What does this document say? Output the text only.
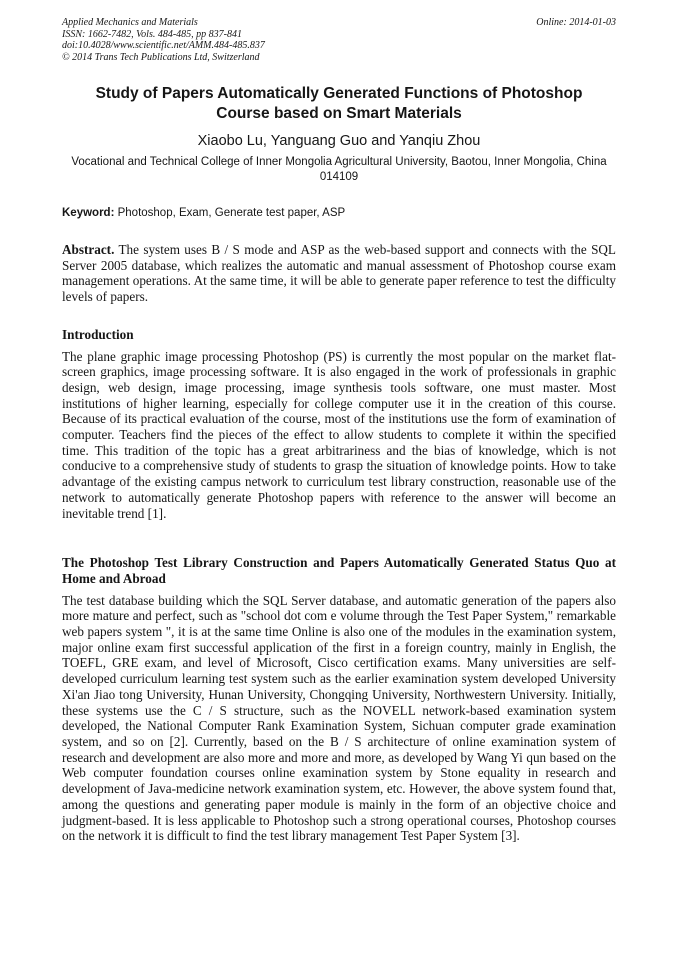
Applied Mechanics and Materials
ISSN: 1662-7482, Vols. 484-485, pp 837-841
doi:10.4028/www.scientific.net/AMM.484-485.837
© 2014 Trans Tech Publications Ltd, Switzerland
Online: 2014-01-03
Study of Papers Automatically Generated Functions of Photoshop Course based on Smart Materials
Xiaobo Lu, Yanguang Guo and Yanqiu Zhou
Vocational and Technical College of Inner Mongolia Agricultural University, Baotou, Inner Mongolia, China 014109

Keyword: Photoshop, Exam, Generate test paper, ASP

Abstract. The system uses B / S mode and ASP as the web-based support and connects with the SQL Server 2005 database, which realizes the automatic and manual assessment of Photoshop course exam management operations. At the same time, it will be able to generate paper reference to test the difficulty levels of papers.

Introduction

The plane graphic image processing Photoshop (PS) is currently the most popular on the market flat-screen graphics, image processing software. It is also engaged in the work of professionals in graphic design, web design, image processing, image synthesis tools software, one must master. Most institutions of higher learning, especially for college computer use it in the creation of this course. Because of its practical evaluation of the course, most of the institutions use the form of examination of computer. Teachers find the pieces of the effect to allow students to complete it within the specified time. This tradition of the topic has a great arbitrariness and the bias of knowledge, which is not conducive to a comprehensive study of students to grasp the situation of knowledge points. How to take advantage of the existing campus network to curriculum test library construction, reasonable use of the network to automatically generate Photoshop papers with reference to the answer will become an inevitable trend [1].

The Photoshop Test Library Construction and Papers Automatically Generated Status Quo at Home and Abroad

The test database building which the SQL Server database, and automatic generation of the papers also more mature and perfect, such as "school dot com e volume through the Test Paper System," remarkable web papers system ", it is at the same time Online is also one of the modules in the examination system, major online exam first successful application of the first in a foreign country, mainly in English, the TOEFL, GRE exam, and level of Microsoft, Cisco certification exams. Many universities are self-developed curriculum learning test system such as the earlier examination system developed University Xi'an Jiao tong University, Hunan University, Chongqing University, Northwestern University. Initially, these systems use the C / S structure, such as the NOVELL network-based examination system developed, the National Computer Rank Examination System, Sichuan computer grade examination system, and so on [2]. Currently, based on the B / S architecture of online examination system of research and development are also more and more and more, as developed by Wang Yi qun based on the Web computer foundation courses online examination system by Stone equality in research and development of Java-medicine network examination system, etc. However, the above system found that, among the questions and generating paper module is mainly in the form of an objective choice and judgment-based. It is less applicable to Photoshop such a strong operational courses, Photoshop courses on the network it is difficult to find the test library management Test Paper System [3].
